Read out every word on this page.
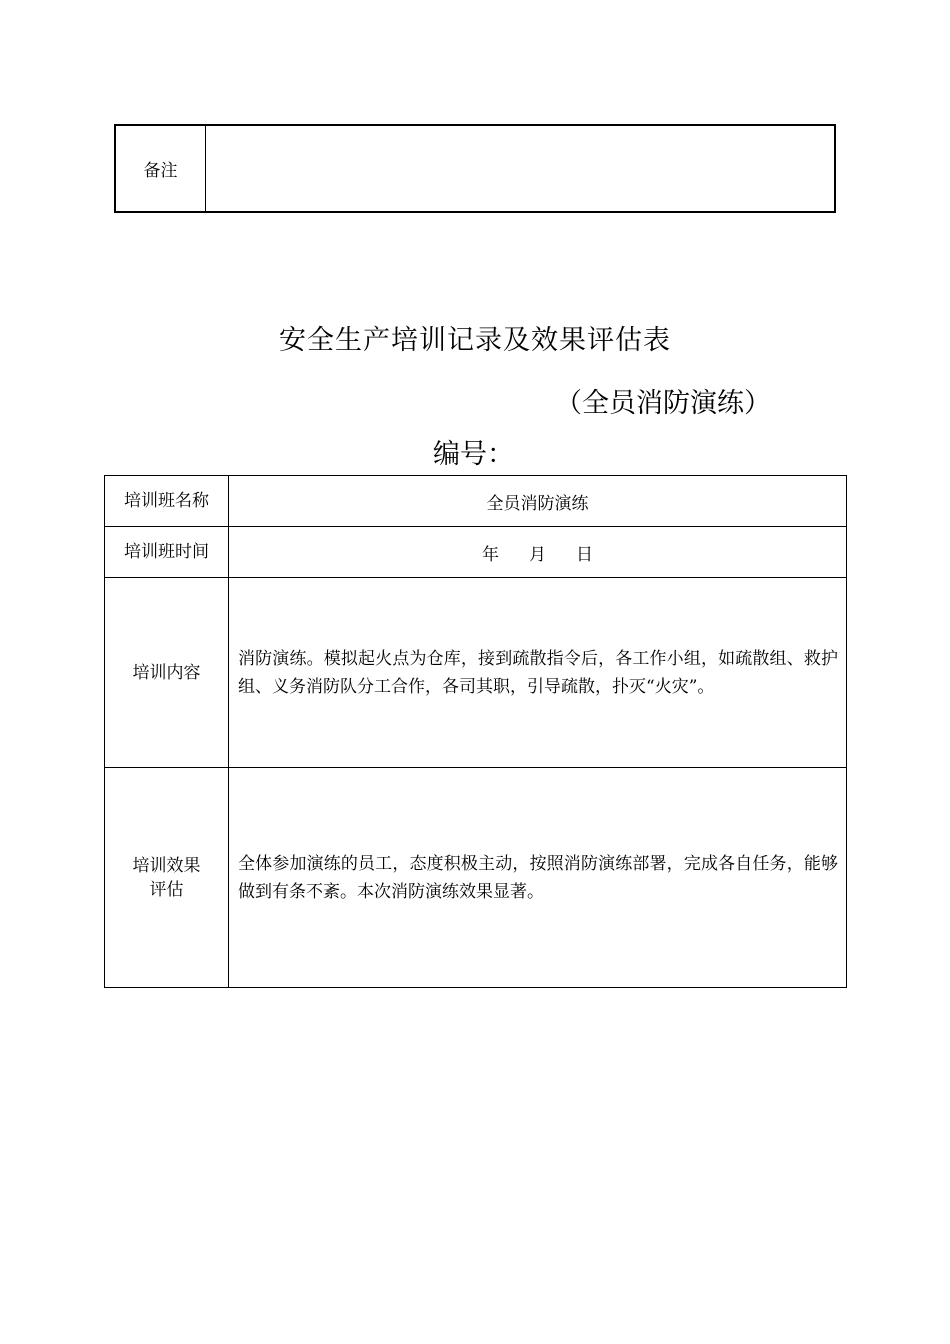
备注
安全生产培训记录及效果评估表
（全员消防演练）
编号：
培训班名称	全员消防演练
培训班时间	年 月 日
培训内容	消防演练。模拟起火点为仓库，接到疏散指令后，各工作小组，如疏散组、救护组、义务消防队分工合作，各司其职，引导疏散，扑灭“火灾”。

培训效果
评估	全体参加演练的员工，态度积极主动，按照消防演练部署，完成各自任务，能够做到有条不紊。本次消防演练效果显著。
